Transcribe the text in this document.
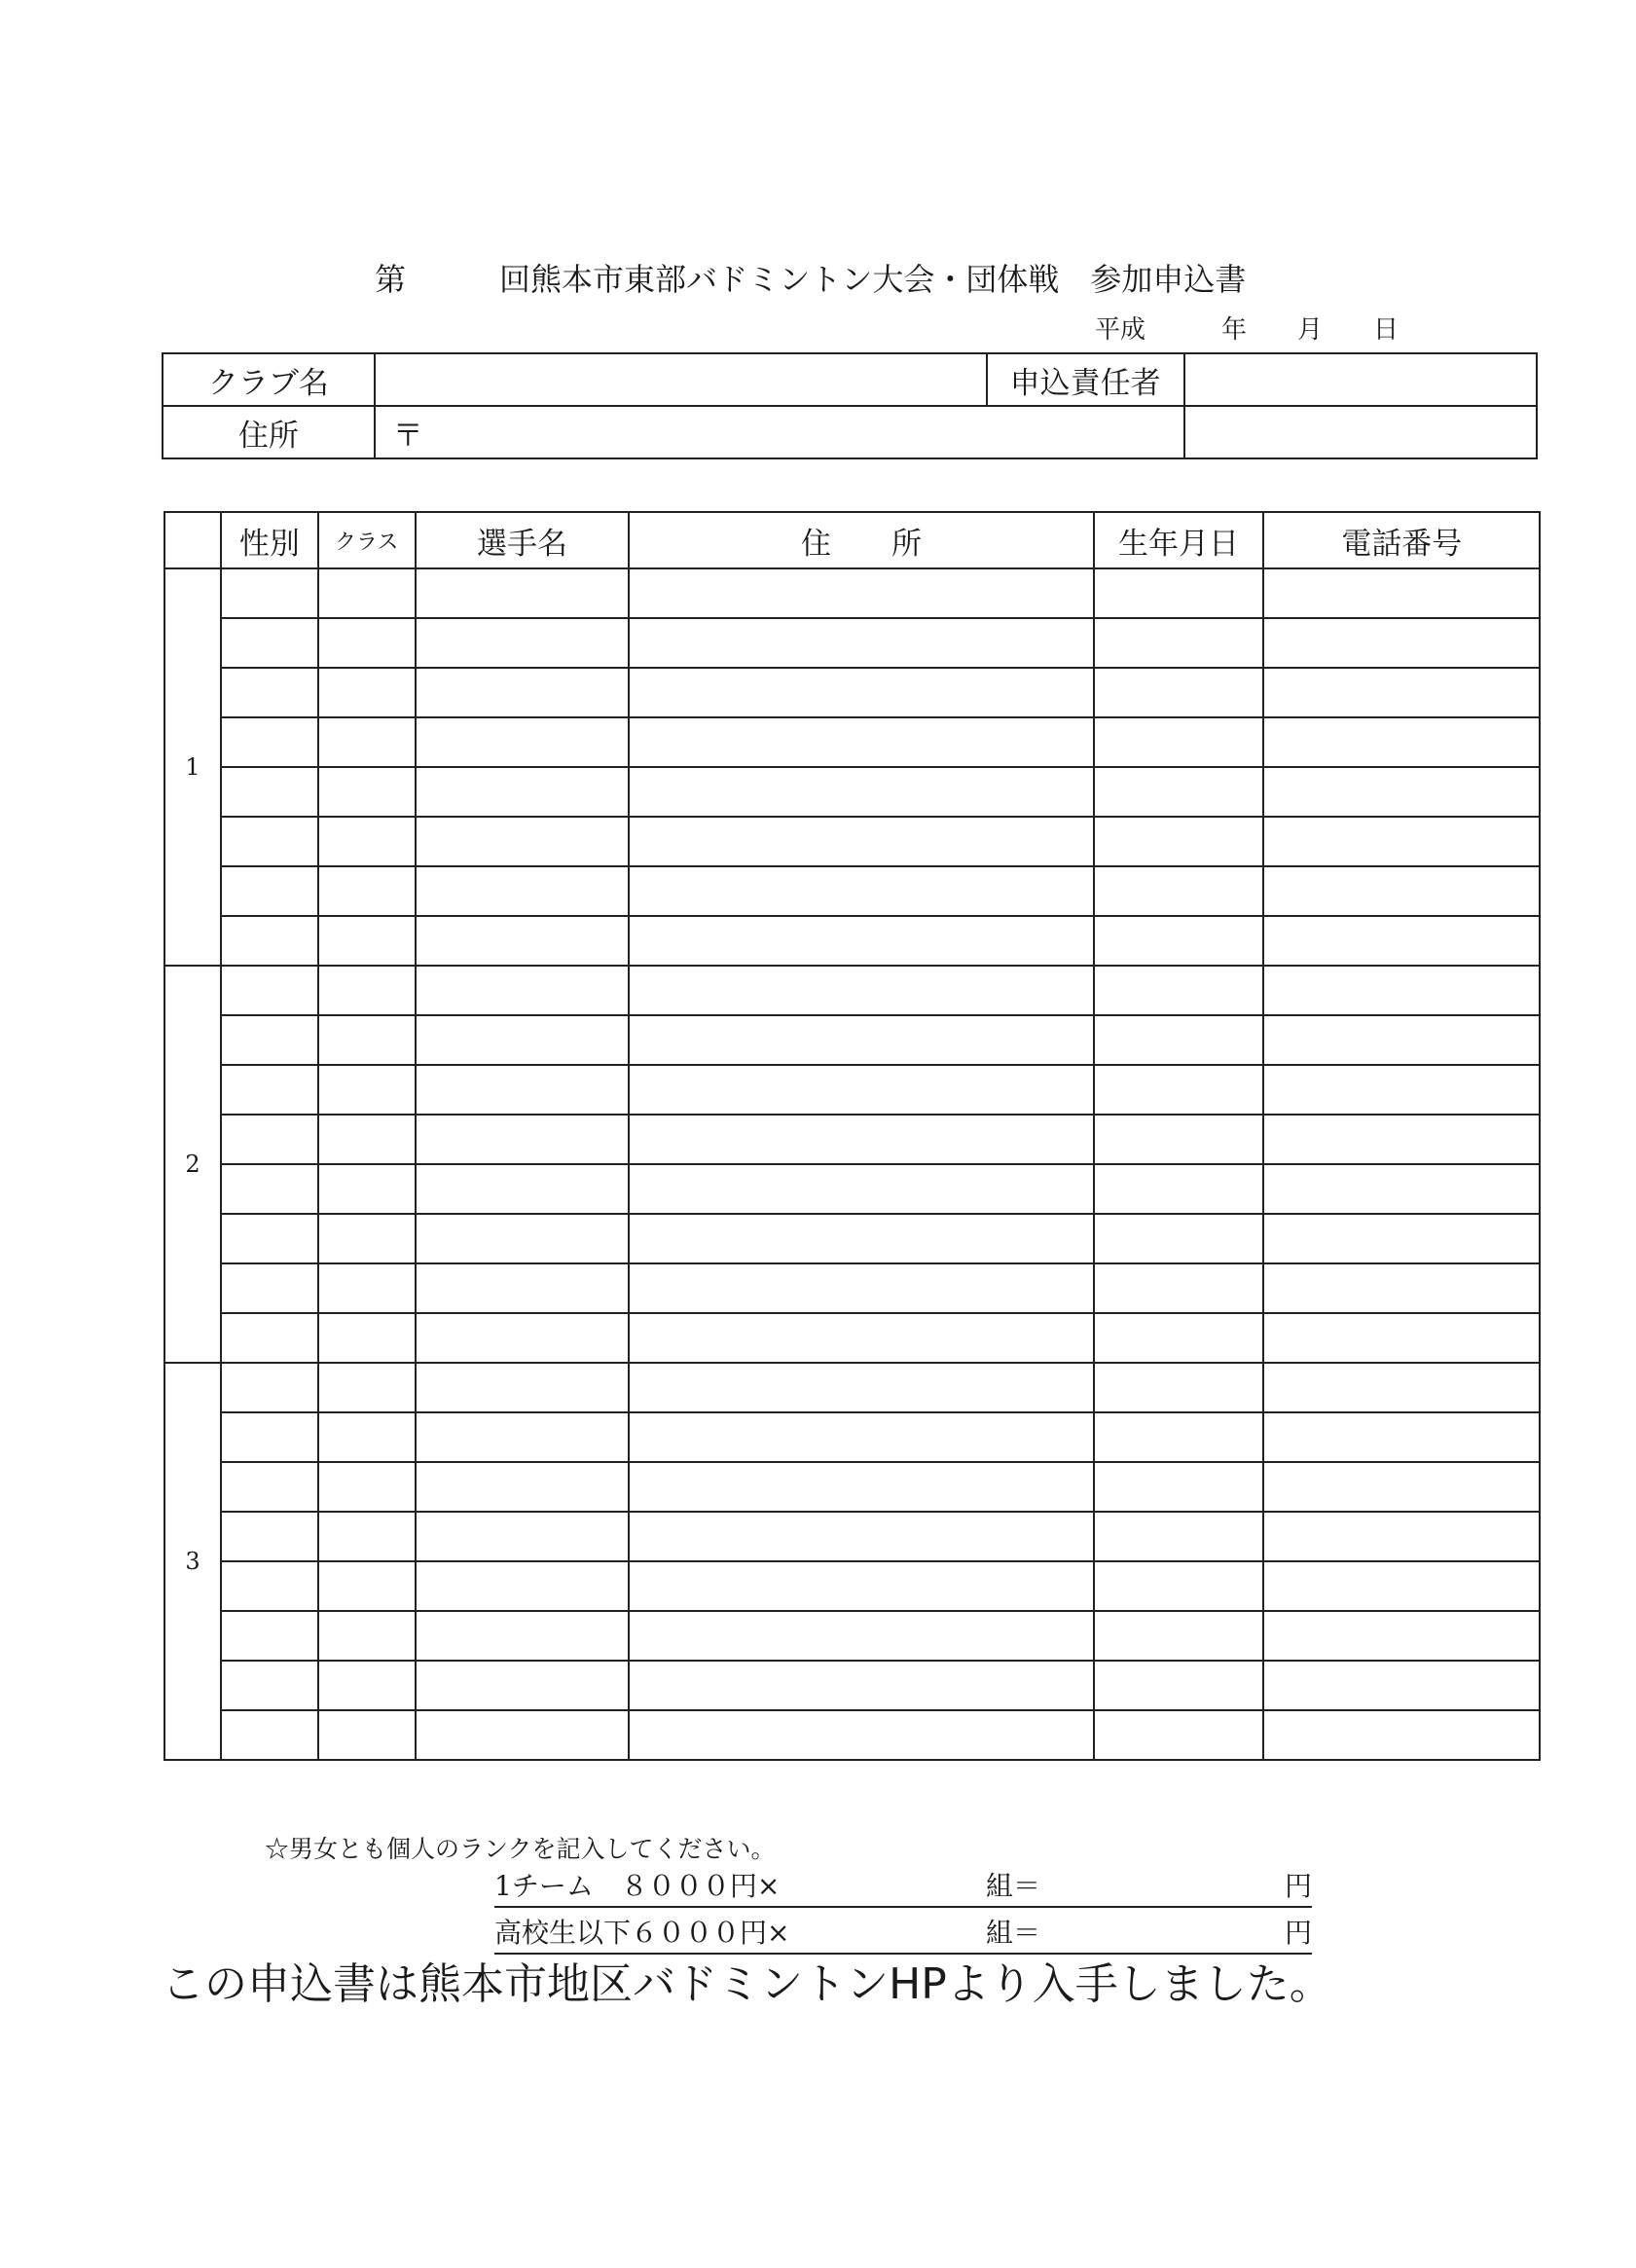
第　　　回熊本市東部バドミントン大会・団体戦　参加申込書
平成　　　年　　月　　日
クラブ名		申込責任者	
住所	〒		
	性別	クラス	選手名	住　　所	生年月日	電話番号
1						

2						

3						

☆男女とも個人のランクを記入してください。
1チーム　８０００円×	組＝	円
高校生以下６０００円×	組＝	円
この申込書は熊本市地区バドミントンHPより入手しました。
